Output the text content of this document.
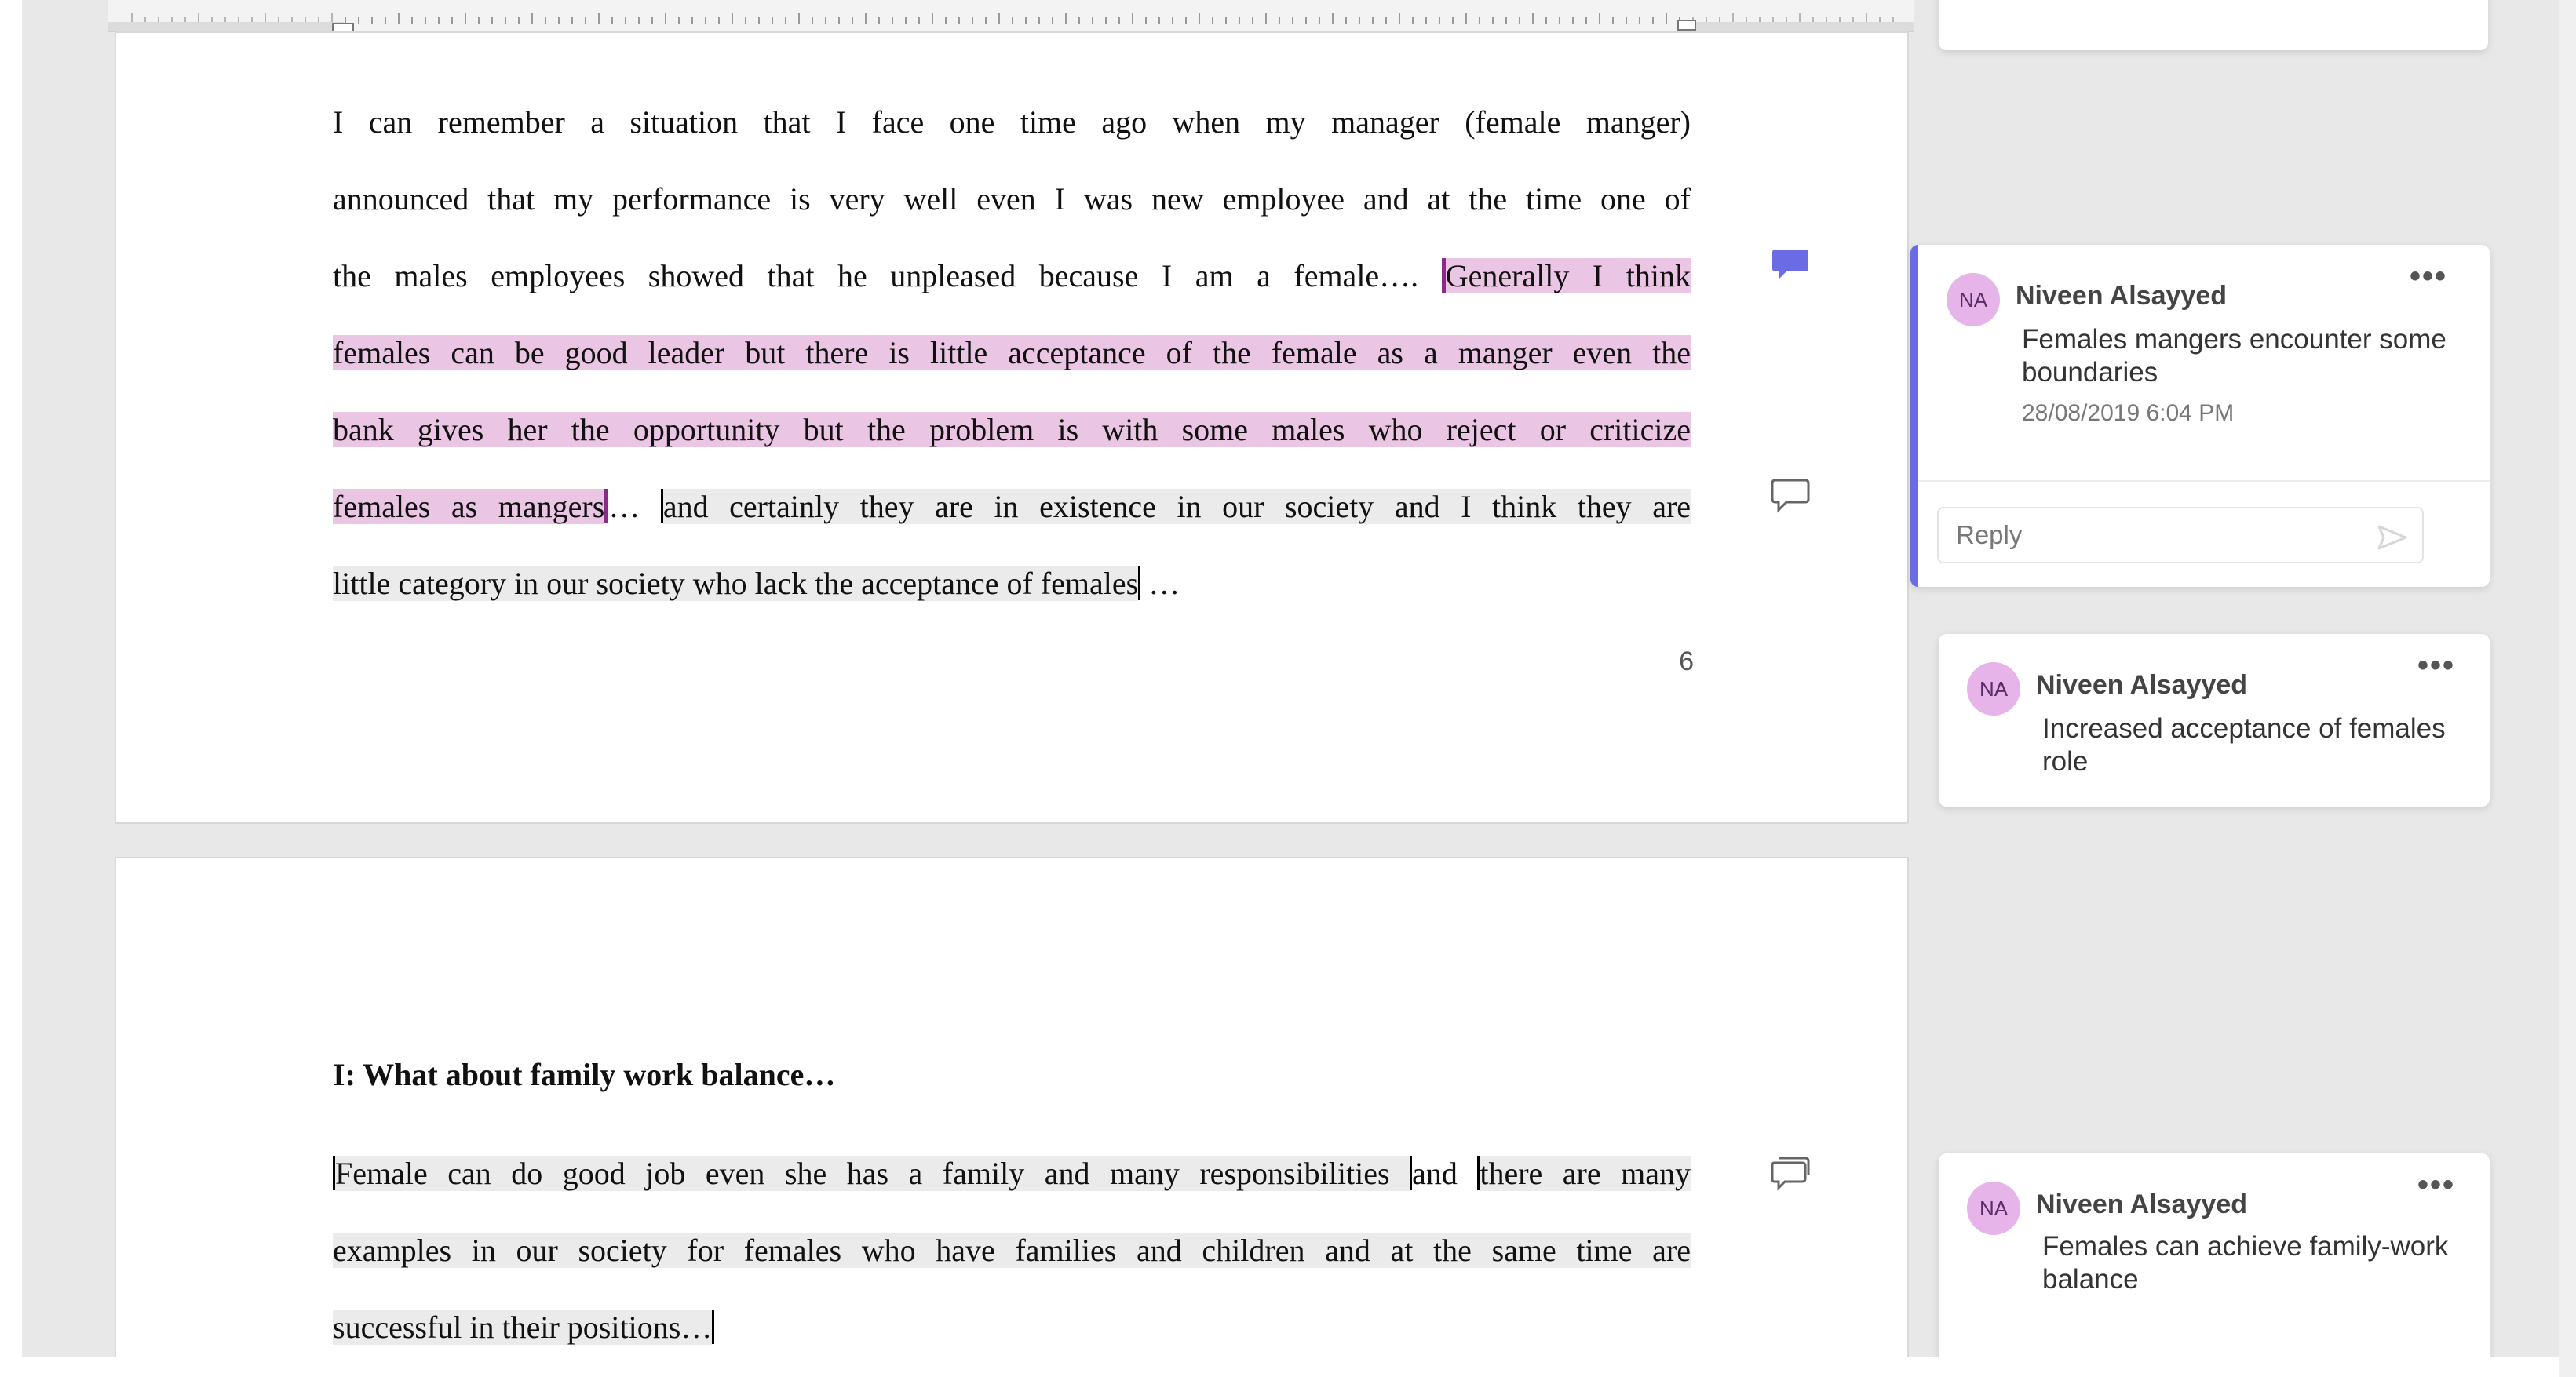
I can remember a situation that I face one time ago when my manager (female manger)
announced that my performance is very well even I was new employee and at the time one of
the males employees showed that he unpleased because I am a female…. Generally I think
females can be good leader but there is little acceptance of the female as a manger even the
bank gives her the opportunity but the problem is with some males who reject or criticize
females as mangers … and certainly they are in existence in our society and I think they are
little category in our society who lack the acceptance of females …
6
I: What about family work balance…
Female can do good job even she has a family and many responsibilities and there are many
examples in our society for females who have families and children and at the same time are
successful in their positions…
NA	Niveen Alsayyed
•••
Females mangers encounter some boundaries
28/08/2019 6:04 PM
Reply
NA	Niveen Alsayyed
•••
Increased acceptance of females role
NA	Niveen Alsayyed
•••
Females can achieve family-work balance
